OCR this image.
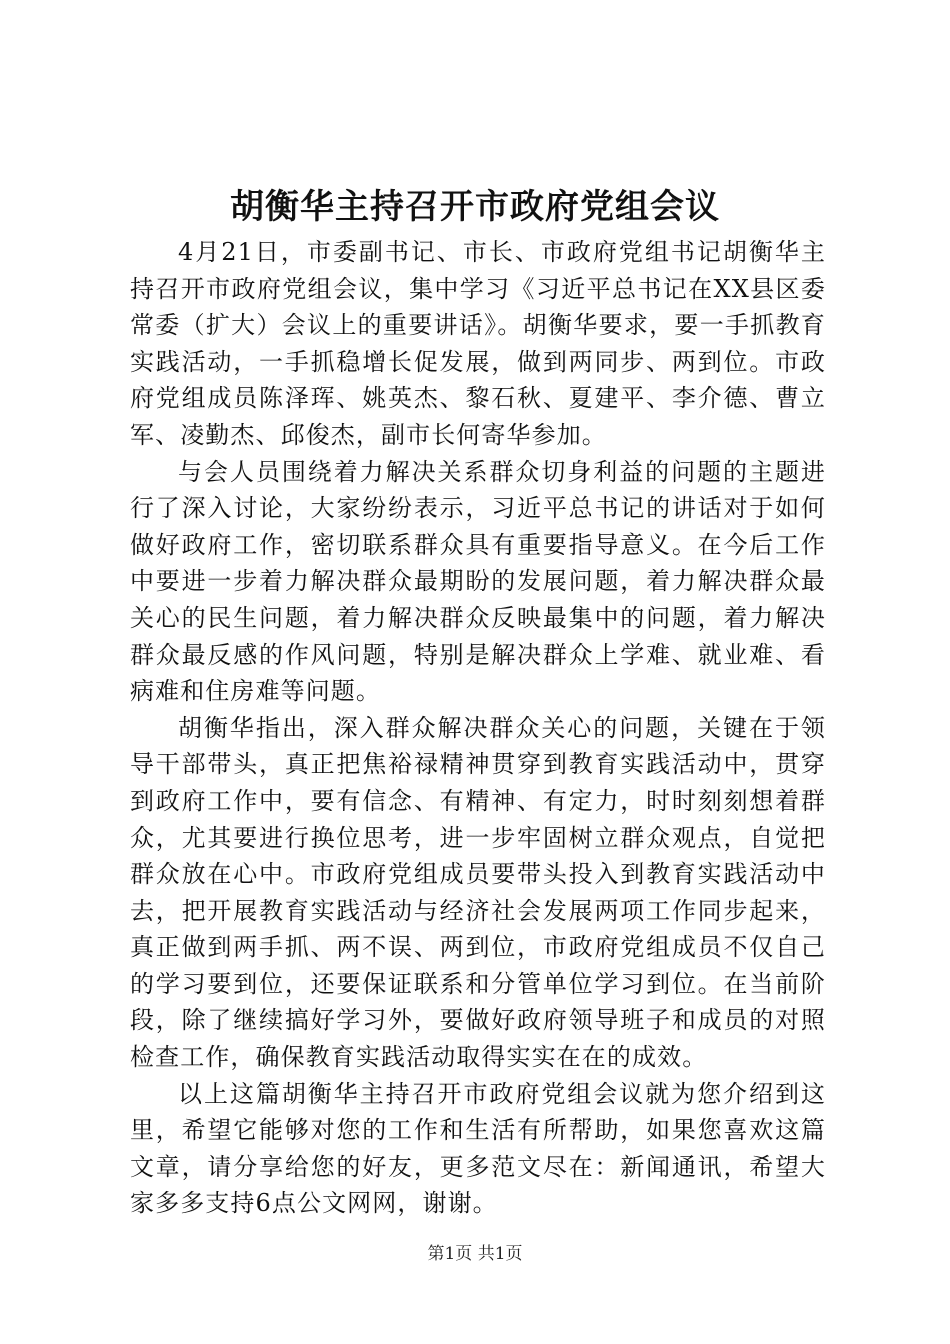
胡衡华主持召开市政府党组会议

4月21日，市委副书记、市长、市政府党组书记胡衡华主持召开市政府党组会议，集中学习《习近平总书记在XX县区委常委（扩大）会议上的重要讲话》。胡衡华要求，要一手抓教育实践活动，一手抓稳增长促发展，做到两同步、两到位。市政府党组成员陈泽珲、姚英杰、黎石秋、夏建平、李介德、曹立军、凌勤杰、邱俊杰，副市长何寄华参加。

与会人员围绕着力解决关系群众切身利益的问题的主题进行了深入讨论，大家纷纷表示，习近平总书记的讲话对于如何做好政府工作，密切联系群众具有重要指导意义。在今后工作中要进一步着力解决群众最期盼的发展问题，着力解决群众最关心的民生问题，着力解决群众反映最集中的问题，着力解决群众最反感的作风问题，特别是解决群众上学难、就业难、看病难和住房难等问题。

胡衡华指出，深入群众解决群众关心的问题，关键在于领导干部带头，真正把焦裕禄精神贯穿到教育实践活动中，贯穿到政府工作中，要有信念、有精神、有定力，时时刻刻想着群众，尤其要进行换位思考，进一步牢固树立群众观点，自觉把群众放在心中。市政府党组成员要带头投入到教育实践活动中去，把开展教育实践活动与经济社会发展两项工作同步起来，真正做到两手抓、两不误、两到位，市政府党组成员不仅自己的学习要到位，还要保证联系和分管单位学习到位。在当前阶段，除了继续搞好学习外，要做好政府领导班子和成员的对照检查工作，确保教育实践活动取得实实在在的成效。

以上这篇胡衡华主持召开市政府党组会议就为您介绍到这里，希望它能够对您的工作和生活有所帮助，如果您喜欢这篇文章，请分享给您的好友，更多范文尽在：新闻通讯，希望大家多多支持6点公文网网，谢谢。

第1页 共1页
